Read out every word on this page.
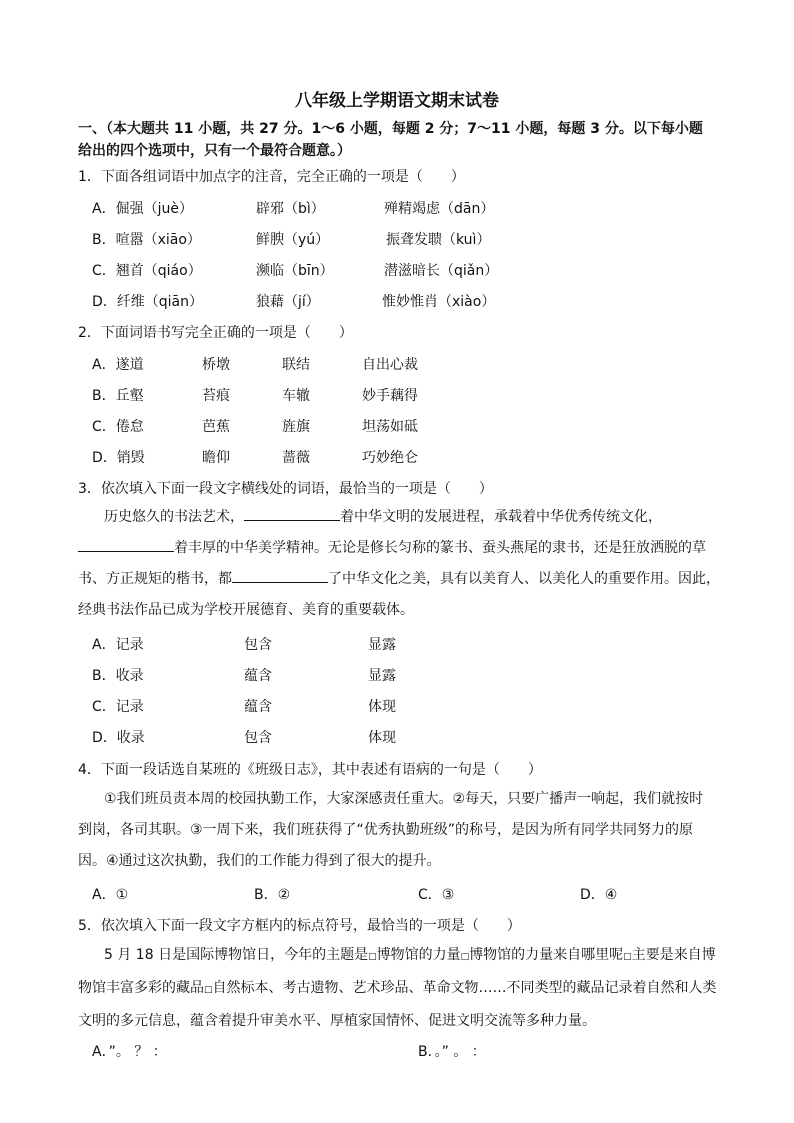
八年级上学期语文期末试卷
一、（本大题共 11 小题，共 27 分。1～6 小题，每题 2 分；7～11 小题，每题 3 分。以下每小题
给出的四个选项中，只有一个最符合题意。）
1．下面各组词语中加点字的注音，完全正确的一项是（　　）
A．倔强（juè）	辟邪（bì）	殚精竭虑（dān）
B．喧嚣（xiāo）	鲜腴（yú）	振聋发聩（kuì）
C．翘首（qiáo）	濒临（bīn）	潜滋暗长（qiǎn）
D．纤维（qiān）	狼藉（jí）	惟妙惟肖（xiào）
2．下面词语书写完全正确的一项是（　　）
A．遂道	桥墩	联结	自出心裁
B．丘壑	苔痕	车辙	妙手藕得
C．倦怠	芭蕉	旌旗	坦荡如砥
D．销毁	瞻仰	蔷薇	巧妙绝仑
3．依次填入下面一段文字横线处的词语，最恰当的一项是（　　）
历史悠久的书法艺术，	着中华文明的发展进程，承载着中华优秀传统文化，
着丰厚的中华美学精神。无论是修长匀称的篆书、蚕头燕尾的隶书，还是狂放洒脱的草
书、方正规矩的楷书，都	了中华文化之美，具有以美育人、以美化人的重要作用。因此，
经典书法作品已成为学校开展德育、美育的重要载体。
A．记录	包含	显露
B．收录	蕴含	显露
C．记录	蕴含	体现
D．收录	包含	体现
4．下面一段话选自某班的《班级日志》，其中表述有语病的一句是（　　）
①我们班员责本周的校园执勤工作，大家深感责任重大。②每天，只要广播声一响起，我们就按时
到岗，各司其职。③一周下来，我们班获得了“优秀执勤班级”的称号，是因为所有同学共同努力的原
因。④通过这次执勤，我们的工作能力得到了很大的提升。
A．①	B．②	C．③	D．④
5．依次填入下面一段文字方框内的标点符号，最恰当的一项是（　　）
5 月 18 日是国际博物馆日，今年的主题是□博物馆的力量□博物馆的力量来自哪里呢□主要是来自博
物馆丰富多彩的藏品□自然标本、考古遗物、艺术珍品、革命文物……不同类型的藏品记录着自然和人类
文明的多元信息，蕴含着提升审美水平、厚植家国情怀、促进文明交流等多种力量。
A．”。 ？ ：	B．。” 。 ：
